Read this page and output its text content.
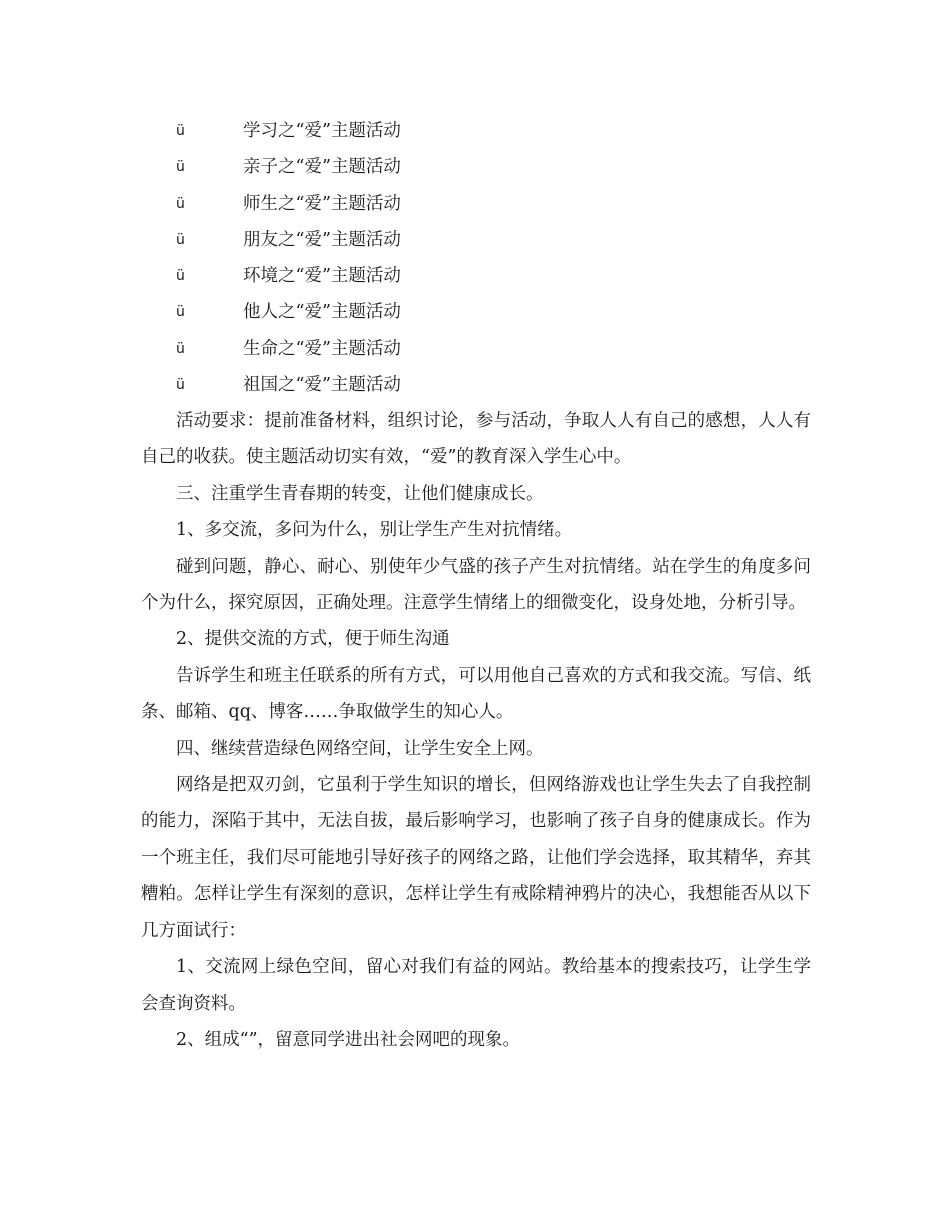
ü	学习之“爱”主题活动
ü	亲子之“爱”主题活动
ü	师生之“爱”主题活动
ü	朋友之“爱”主题活动
ü	环境之“爱”主题活动
ü	他人之“爱”主题活动
ü	生命之“爱”主题活动
ü	祖国之“爱”主题活动

活动要求：提前准备材料，组织讨论，参与活动，争取人人有自己的感想，人人有自己的收获。使主题活动切实有效，“爱”的教育深入学生心中。

三、注重学生青春期的转变，让他们健康成长。

1、多交流，多问为什么，别让学生产生对抗情绪。

碰到问题，静心、耐心、别使年少气盛的孩子产生对抗情绪。站在学生的角度多问个为什么，探究原因，正确处理。注意学生情绪上的细微变化，设身处地，分析引导。

2、提供交流的方式，便于师生沟通

告诉学生和班主任联系的所有方式，可以用他自己喜欢的方式和我交流。写信、纸条、邮箱、qq、博客……争取做学生的知心人。

四、继续营造绿色网络空间，让学生安全上网。

网络是把双刃剑，它虽利于学生知识的增长，但网络游戏也让学生失去了自我控制的能力，深陷于其中，无法自拔，最后影响学习，也影响了孩子自身的健康成长。作为一个班主任，我们尽可能地引导好孩子的网络之路，让他们学会选择，取其精华，弃其糟粕。怎样让学生有深刻的意识，怎样让学生有戒除精神鸦片的决心，我想能否从以下几方面试行：

1、交流网上绿色空间，留心对我们有益的网站。教给基本的搜索技巧，让学生学会查询资料。

2、组成“”，留意同学进出社会网吧的现象。
